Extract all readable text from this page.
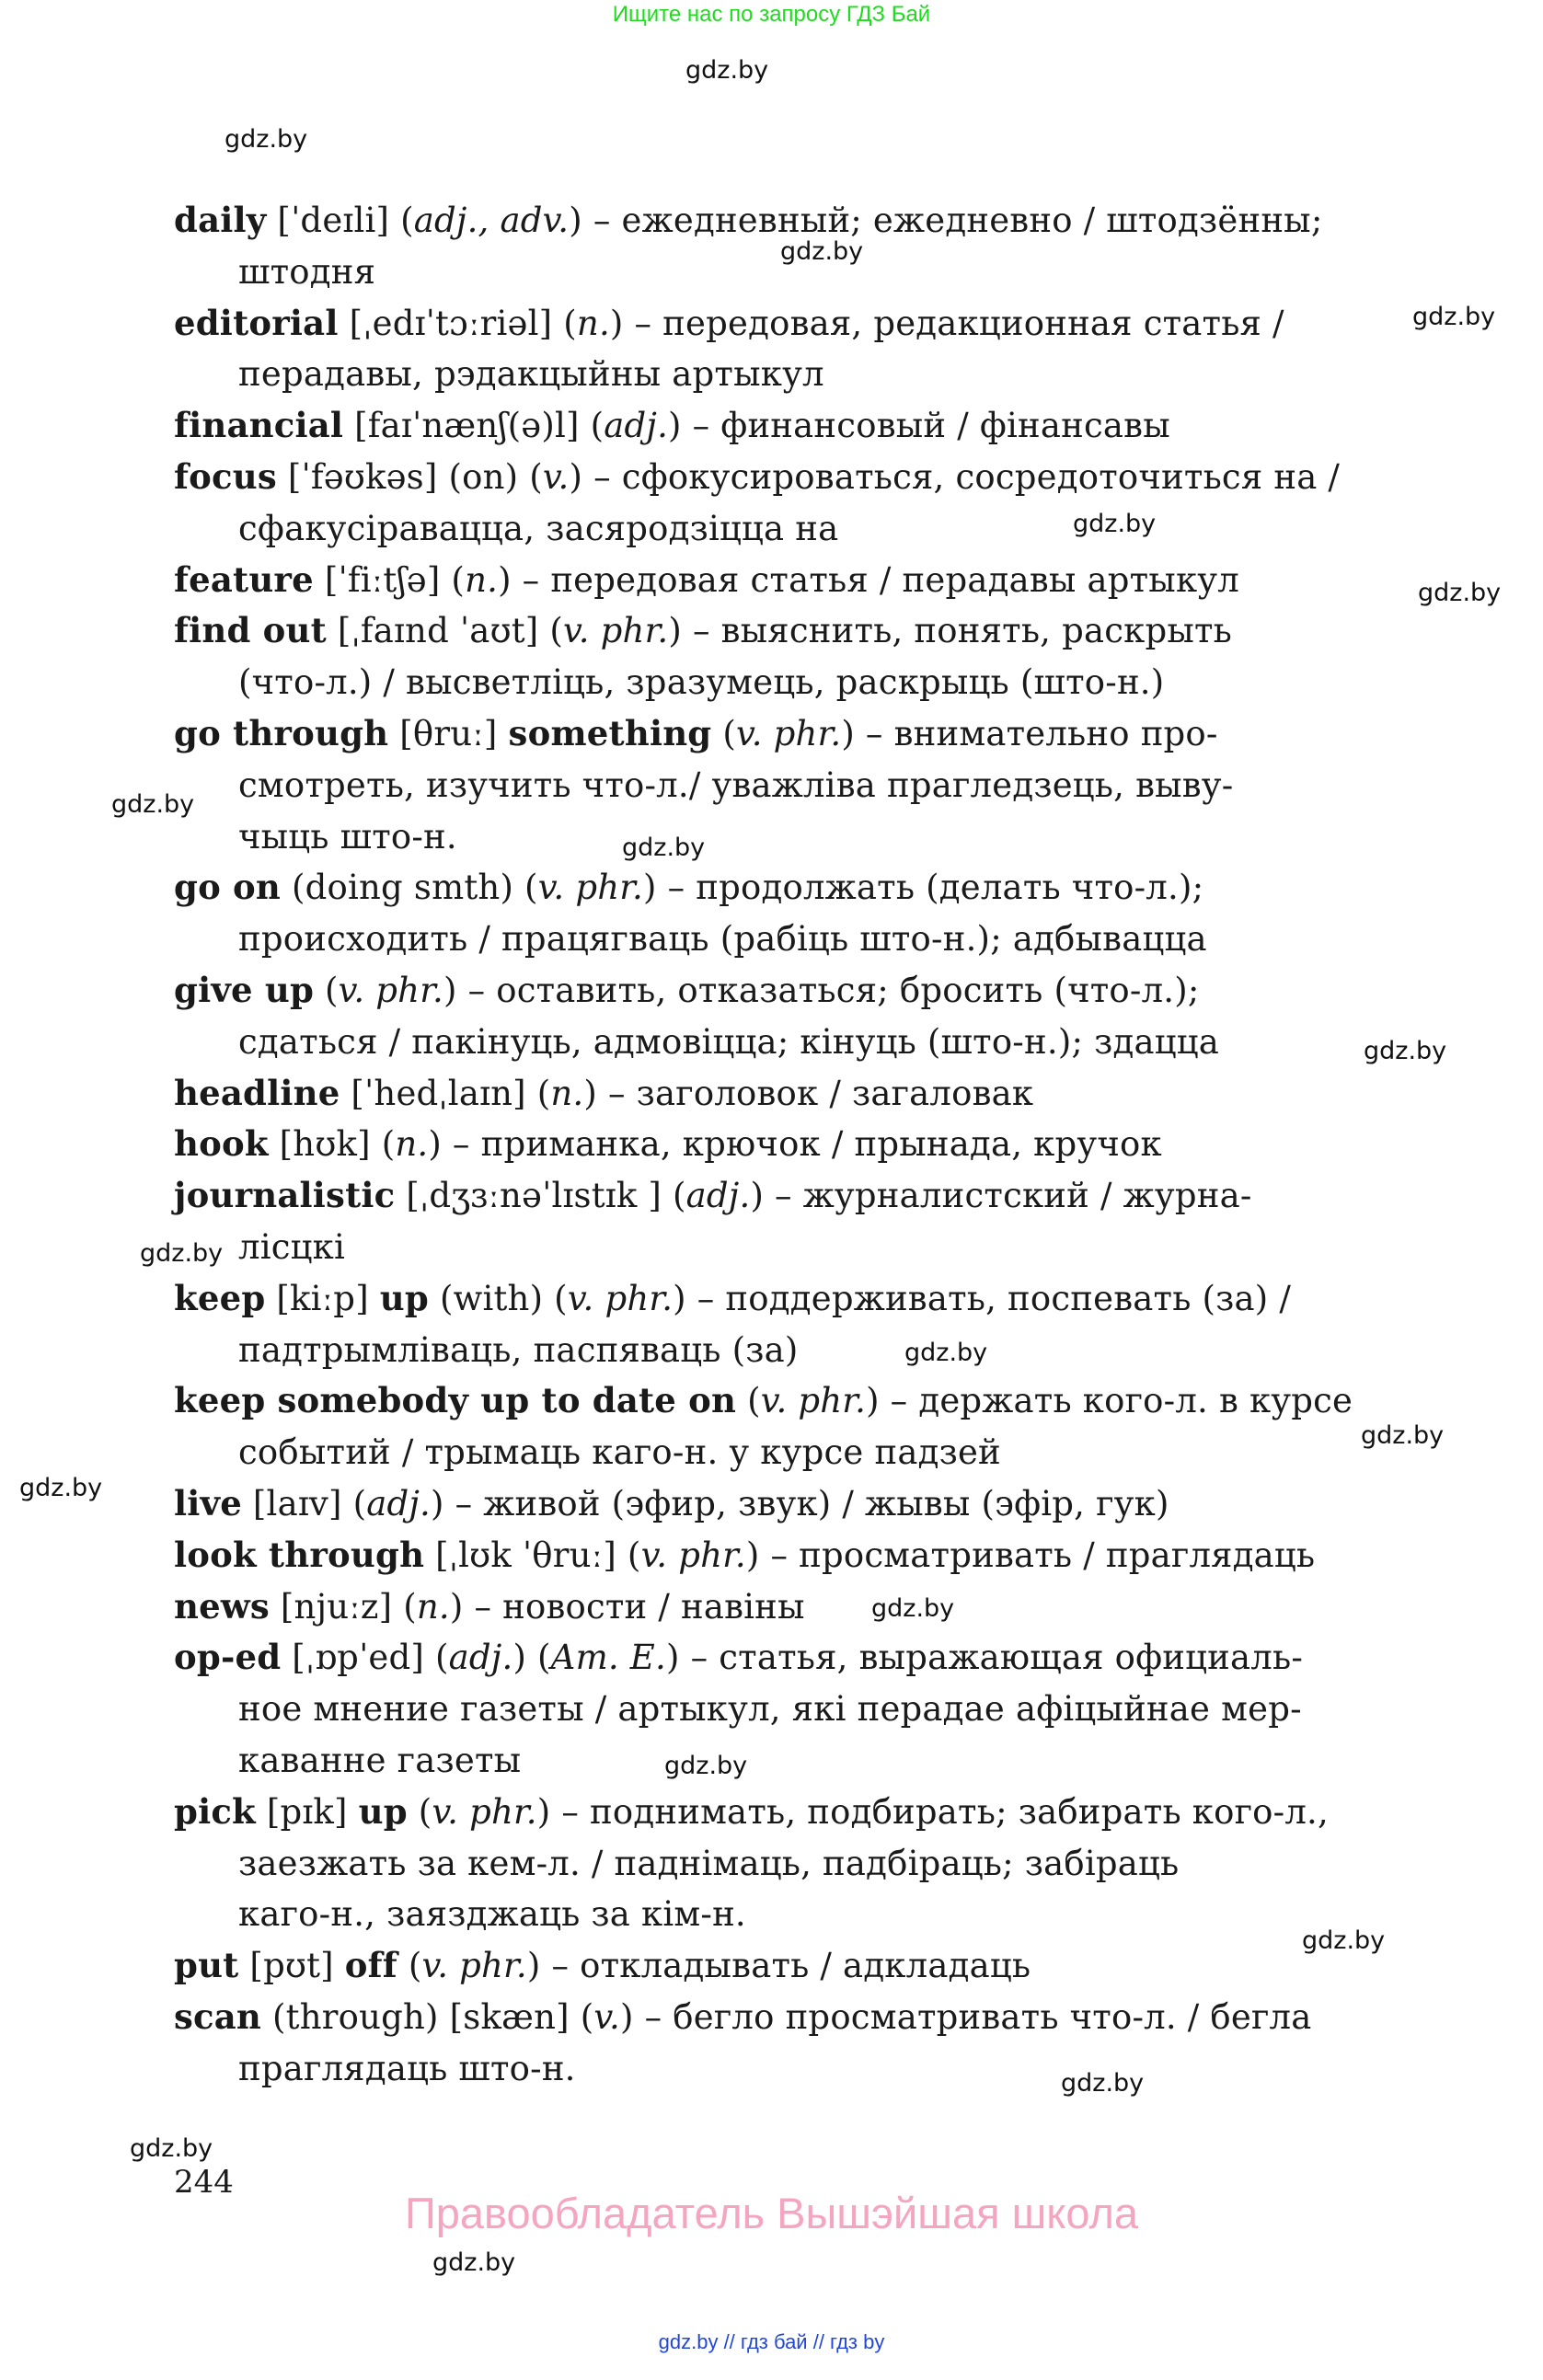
Ищите нас по запросу ГДЗ Бай
gdz.by
gdz.by
gdz.by
gdz.by
gdz.by
gdz.by
gdz.by
gdz.by
gdz.by
gdz.by
gdz.by
gdz.by
gdz.by
gdz.by
gdz.by
gdz.by
gdz.by
gdz.by
gdz.by
daily [ˈdeɪli] (adj., adv.) – ежедневный; ежедневно / штодзённы;
штодня
editorial [ˌedɪˈtɔːriəl] (n.) – передовая, редакционная статья /
перадавы, рэдакцыйны артыкул
financial [faɪˈnænʃ(ə)l] (adj.) – финансовый / фінансавы
focus [ˈfəʊkəs] (on) (v.) – сфокусироваться, сосредоточиться на /
сфакусіравацца, засяродзіцца на
feature [ˈfiːtʃə] (n.) – передовая статья / перадавы артыкул
find out [ˌfaɪnd ˈaʊt] (v. phr.) – выяснить, понять, раскрыть
(что-л.) / высветліць, зразумець, раскрыць (што-н.)
go through [θruː] something (v. phr.) – внимательно про-
смотреть, изучить что-л./ уважліва прагледзець, выву-
чыць што-н.
go on (doing smth) (v. phr.) – продолжать (делать что-л.);
происходить / працягваць (рабіць што-н.); адбывацца
give up (v. phr.) – оставить, отказаться; бросить (что-л.);
сдаться / пакінуць, адмовіцца; кінуць (што-н.); здацца
headline [ˈhedˌlaɪn] (n.) – заголовок / загаловак
hook [hʊk] (n.) – приманка, крючок / прынада, кручок
journalistic [ˌdʒɜːnəˈlɪstɪk ] (adj.) – журналистский / журна-
лісцкі
keep [kiːp] up (with) (v. phr.) – поддерживать, поспевать (за) /
падтрымліваць, паспяваць (за)
keep somebody up to date on (v. phr.) – держать кого-л. в курсе
событий / трымаць каго-н. у курсе падзей
live [laɪv] (adj.) – живой (эфир, звук) / жывы (эфір, гук)
look through [ˌlʊk ˈθruː] (v. phr.) – просматривать / праглядаць
news [njuːz] (n.) – новости / навіны
op-ed [ˌɒpˈed] (adj.) (Am. E.) – статья, выражающая официаль-
ное мнение газеты / артыкул, які перадае афіцыйнае мер-
каванне газеты
pick [pɪk] up (v. phr.) – поднимать, подбирать; забирать кого-л.,
заезжать за кем-л. / паднімаць, падбіраць; забіраць
каго-н., заязджаць за кім-н.
put [pʊt] off (v. phr.) – откладывать / адкладаць
scan (through) [skæn] (v.) – бегло просматривать что-л. / бегла
праглядаць што-н.
244
Правообладатель Вышэйшая школа
gdz.by // гдз бай // гдз by
